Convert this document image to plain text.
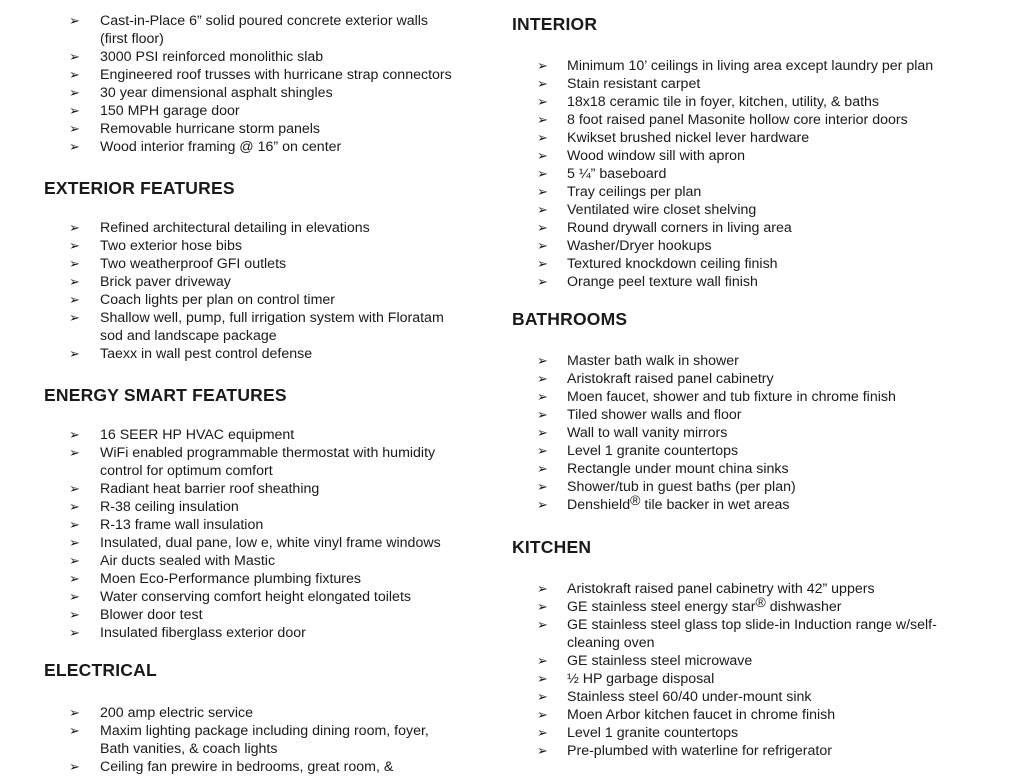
➢ Cast-in-Place 6” solid poured concrete exterior walls
(first floor)
➢ 3000 PSI reinforced monolithic slab
➢ Engineered roof trusses with hurricane strap connectors
➢ 30 year dimensional asphalt shingles
➢ 150 MPH garage door
➢ Removable hurricane storm panels
➢ Wood interior framing @ 16” on center
EXTERIOR FEATURES
➢ Refined architectural detailing in elevations
➢ Two exterior hose bibs
➢ Two weatherproof GFI outlets
➢ Brick paver driveway
➢ Coach lights per plan on control timer
➢ Shallow well, pump, full irrigation system with Floratam
sod and landscape package
➢ Taexx in wall pest control defense
ENERGY SMART FEATURES
➢ 16 SEER HP HVAC equipment
➢ WiFi enabled programmable thermostat with humidity
control for optimum comfort
➢ Radiant heat barrier roof sheathing
➢ R-38 ceiling insulation
➢ R-13 frame wall insulation
➢ Insulated, dual pane, low e, white vinyl frame windows
➢ Air ducts sealed with Mastic
➢ Moen Eco-Performance plumbing fixtures
➢ Water conserving comfort height elongated toilets
➢ Blower door test
➢ Insulated fiberglass exterior door
ELECTRICAL
➢ 200 amp electric service
➢ Maxim lighting package including dining room, foyer,
Bath vanities, & coach lights
➢ Ceiling fan prewire in bedrooms, great room, &
INTERIOR
➢ Minimum 10’ ceilings in living area except laundry per plan
➢ Stain resistant carpet
➢ 18x18 ceramic tile in foyer, kitchen, utility, & baths
➢ 8 foot raised panel Masonite hollow core interior doors
➢ Kwikset brushed nickel lever hardware
➢ Wood window sill with apron
➢ 5 ¼” baseboard
➢ Tray ceilings per plan
➢ Ventilated wire closet shelving
➢ Round drywall corners in living area
➢ Washer/Dryer hookups
➢ Textured knockdown ceiling finish
➢ Orange peel texture wall finish
BATHROOMS
➢ Master bath walk in shower
➢ Aristokraft raised panel cabinetry
➢ Moen faucet, shower and tub fixture in chrome finish
➢ Tiled shower walls and floor
➢ Wall to wall vanity mirrors
➢ Level 1 granite countertops
➢ Rectangle under mount china sinks
➢ Shower/tub in guest baths (per plan)
➢ Denshield® tile backer in wet areas
KITCHEN
➢ Aristokraft raised panel cabinetry with 42” uppers
➢ GE stainless steel energy star® dishwasher
➢ GE stainless steel glass top slide-in Induction range w/self-
cleaning oven
➢ GE stainless steel microwave
➢ ½ HP garbage disposal
➢ Stainless steel 60/40 under-mount sink
➢ Moen Arbor kitchen faucet in chrome finish
➢ Level 1 granite countertops
➢ Pre-plumbed with waterline for refrigerator
